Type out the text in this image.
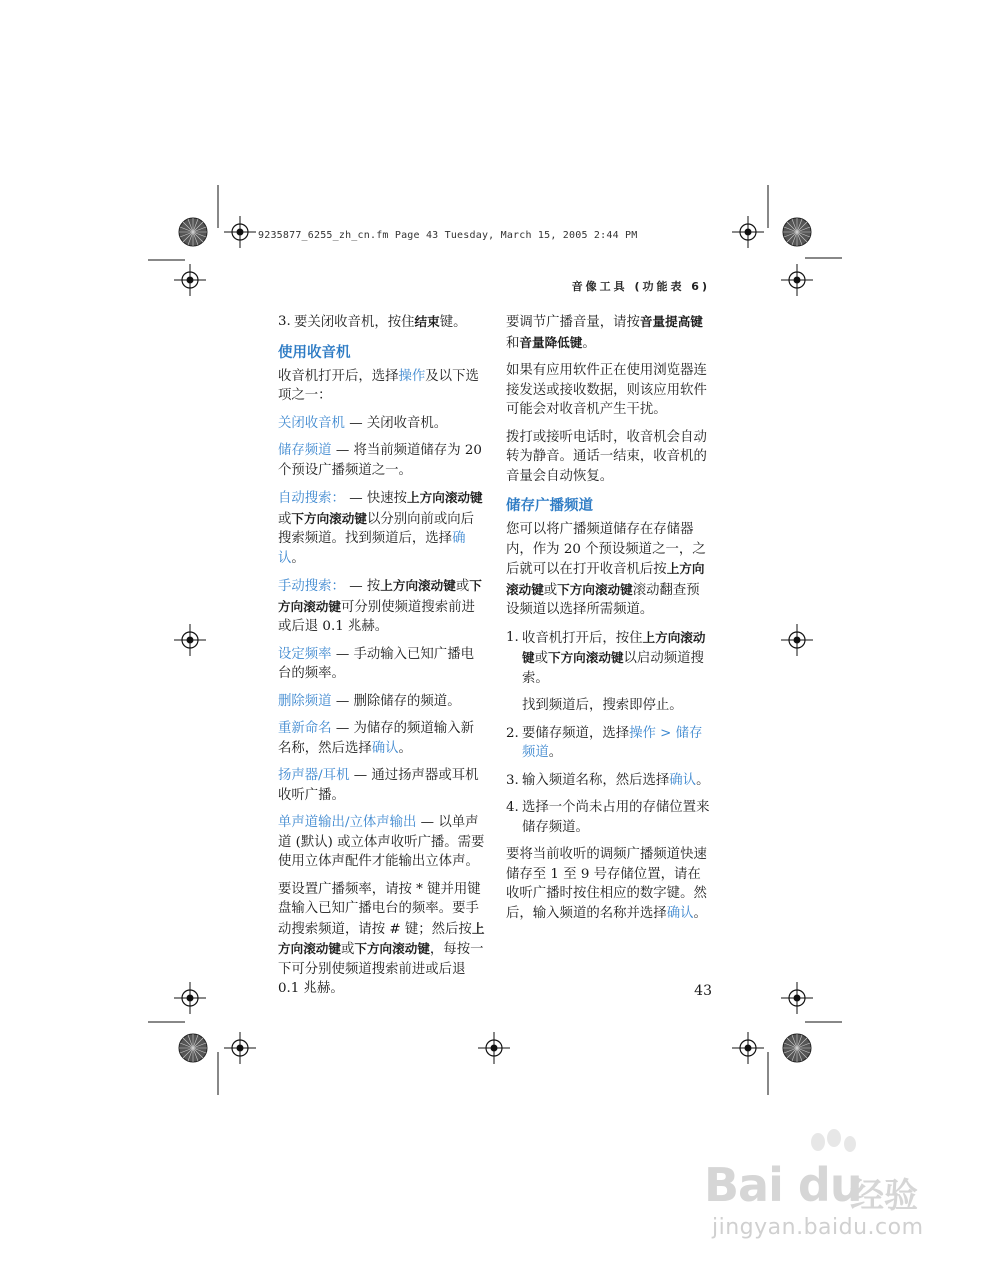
9235877_6255_zh_cn.fm Page 43 Tuesday, March 15, 2005 2:44 PM
音像工具 (功能表 6)
3. 要关闭收音机，按住结束键。
使用收音机

收音机打开后，选择操作及以下选项之一：

关闭收音机 — 关闭收音机。

储存频道 — 将当前频道储存为 20 个预设广播频道之一。

自动搜索： — 快速按上方向滚动键或下方向滚动键以分别向前或向后搜索频道。找到频道后，选择确认。

手动搜索： — 按上方向滚动键或下方向滚动键可分别使频道搜索前进或后退 0.1 兆赫。

设定频率 — 手动输入已知广播电台的频率。

删除频道 — 删除储存的频道。

重新命名 — 为储存的频道输入新名称，然后选择确认。

扬声器/耳机 — 通过扬声器或耳机收听广播。

单声道输出/立体声输出 — 以单声道 (默认) 或立体声收听广播。需要使用立体声配件才能输出立体声。

要设置广播频率，请按 * 键并用键盘输入已知广播电台的频率。要手动搜索频道，请按 # 键；然后按上方向滚动键或下方向滚动键，每按一下可分别使频道搜索前进或后退 0.1 兆赫。

要调节广播音量，请按音量提高键和音量降低键。

如果有应用软件正在使用浏览器连接发送或接收数据，则该应用软件可能会对收音机产生干扰。

拨打或接听电话时，收音机会自动转为静音。通话一结束，收音机的音量会自动恢复。

储存广播频道

您可以将广播频道储存在存储器内，作为 20 个预设频道之一，之后就可以在打开收音机后按上方向滚动键或下方向滚动键滚动翻查预设频道以选择所需频道。

1. 收音机打开后，按住上方向滚动键或下方向滚动键以启动频道搜索。

找到频道后，搜索即停止。

2. 要储存频道，选择操作 > 储存频道。
3. 输入频道名称，然后选择确认。
4. 选择一个尚未占用的存储位置来储存频道。

要将当前收听的调频广播频道快速储存至 1 至 9 号存储位置，请在收听广播时按住相应的数字键。然后，输入频道的名称并选择确认。

43
Bai du
经验
jingyan.baidu.com
